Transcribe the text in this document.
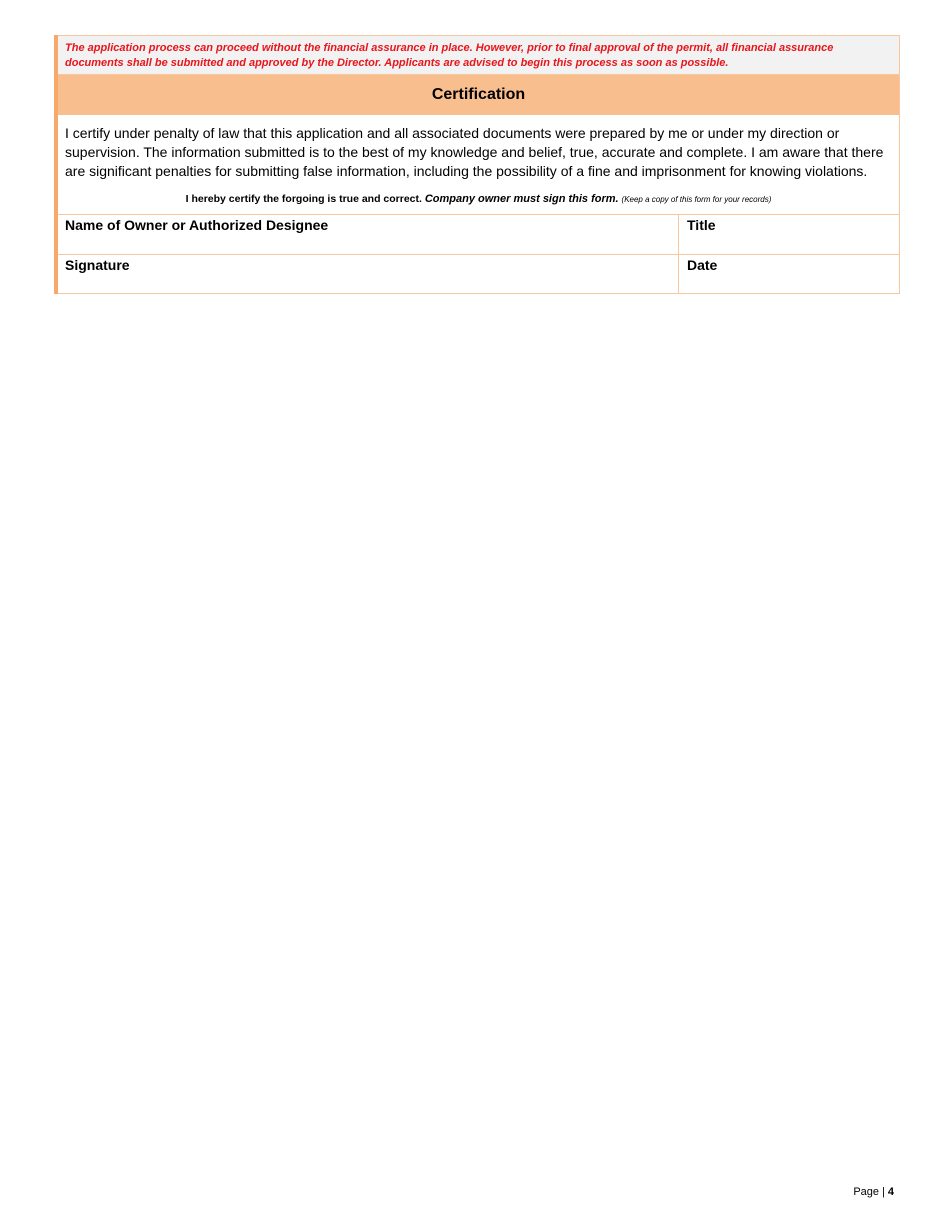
The application process can proceed without the financial assurance in place. However, prior to final approval of the permit, all financial assurance documents shall be submitted and approved by the Director. Applicants are advised to begin this process as soon as possible.
Certification
I certify under penalty of law that this application and all associated documents were prepared by me or under my direction or supervision. The information submitted is to the best of my knowledge and belief, true, accurate and complete. I am aware that there are significant penalties for submitting false information, including the possibility of a fine and imprisonment for knowing violations.
I hereby certify the forgoing is true and correct. Company owner must sign this form. (Keep a copy of this form for your records)
Name of Owner or Authorized Designee	Title
Signature	Date
Page | 4
